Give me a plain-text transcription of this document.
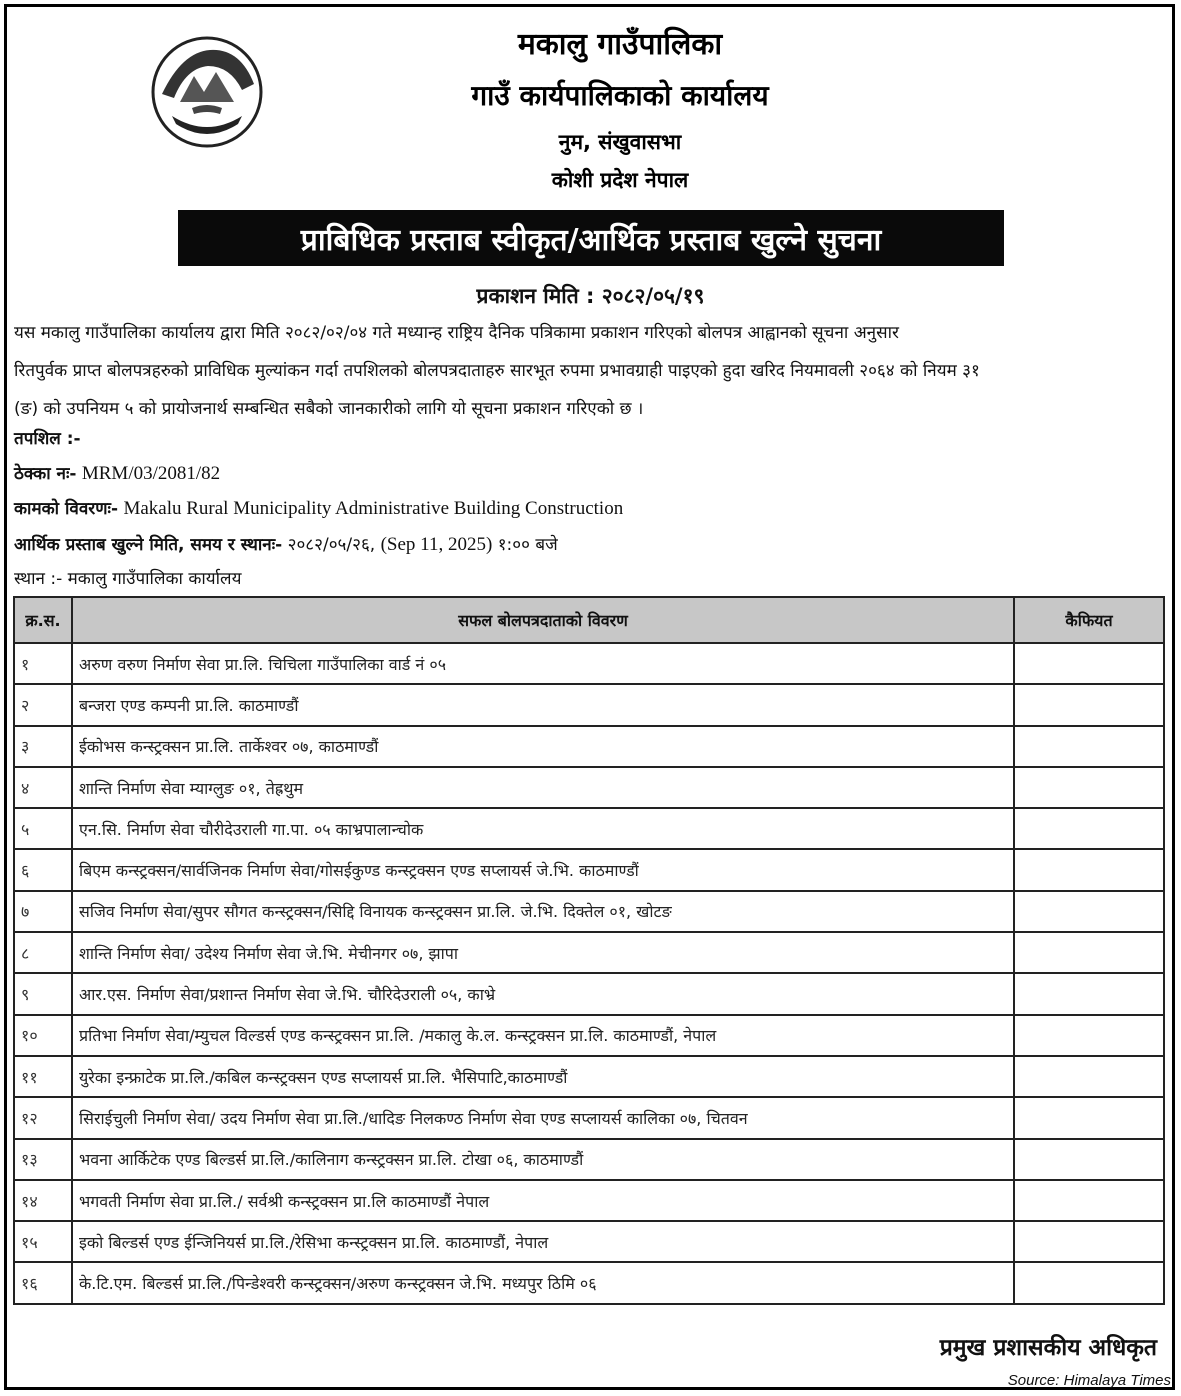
मकालु गाउँपालिका
गाउँ कार्यपालिकाको कार्यालय
नुम, संखुवासभा
कोशी प्रदेश नेपाल
प्राबिधिक प्रस्ताब स्वीकृत/आर्थिक प्रस्ताब खुल्ने सुचना
प्रकाशन मिति : २०८२/०५/१९
यस मकालु गाउँपालिका कार्यालय द्वारा मिति २०८२/०२/०४ गते मध्यान्ह राष्ट्रिय दैनिक पत्रिकामा प्रकाशन गरिएको बोलपत्र आह्वानको सूचना अनुसार
रितपुर्वक प्राप्त बोलपत्रहरुको प्राविधिक मुल्यांकन गर्दा तपशिलको बोलपत्रदाताहरु सारभूत रुपमा प्रभावग्राही पाइएको हुदा खरिद नियमावली २०६४ को नियम ३१
(ङ) को उपनियम ५ को प्रायोजनार्थ सम्बन्धित सबैको जानकारीको लागि यो सूचना प्रकाशन गरिएको छ ।
तपशिल :-
ठेक्का नः- MRM/03/2081/82
कामको विवरणः- Makalu Rural Municipality Administrative Building Construction
आर्थिक प्रस्ताब खुल्ने मिति, समय र स्थानः- २०८२/०५/२६, (Sep 11, 2025) १:०० बजे
स्थान :- मकालु गाउँपालिका कार्यालय
क्र.स.	सफल बोलपत्रदाताको विवरण	कैफियत
१	अरुण वरुण निर्माण सेवा प्रा.लि. चिचिला गाउँपालिका वार्ड नं ०५	
२	बन्जरा एण्ड कम्पनी प्रा.लि. काठमाण्डौं	
३	ईकोभस कन्स्ट्रक्सन प्रा.लि. तार्केश्वर ०७, काठमाण्डौं	
४	शान्ति निर्माण सेवा म्याग्लुङ ०१, तेह्रथुम	
५	एन.सि. निर्माण सेवा चौरीदेउराली गा.पा. ०५ काभ्रपालान्चोक	
६	बिएम कन्स्ट्रक्सन/सार्वजिनक निर्माण सेवा/गोसईकुण्ड कन्स्ट्रक्सन एण्ड सप्लायर्स जे.भि. काठमाण्डौं	
७	सजिव निर्माण सेवा/सुपर सौगत कन्स्ट्रक्सन/सिद्दि विनायक कन्स्ट्रक्सन प्रा.लि. जे.भि. दिक्तेल ०१, खोटङ	
८	शान्ति निर्माण सेवा/ उदेश्य निर्माण सेवा जे.भि. मेचीनगर ०७, झापा	
९	आर.एस. निर्माण सेवा/प्रशान्त निर्माण सेवा जे.भि. चौरिदेउराली ०५, काभ्रे	
१०	प्रतिभा निर्माण सेवा/म्युचल विल्डर्स एण्ड कन्स्ट्रक्सन प्रा.लि. /मकालु के.ल. कन्स्ट्रक्सन प्रा.लि. काठमाण्डौं, नेपाल	
११	युरेका इन्फ्राटेक प्रा.लि./कबिल कन्स्ट्रक्सन एण्ड सप्लायर्स प्रा.लि. भैसिपाटि,काठमाण्डौं	
१२	सिराईचुली निर्माण सेवा/ उदय निर्माण सेवा प्रा.लि./धादिङ निलकण्ठ निर्माण सेवा एण्ड सप्लायर्स कालिका ०७, चितवन	
१३	भवना आर्किटेक एण्ड बिल्डर्स प्रा.लि./कालिनाग कन्स्ट्रक्सन प्रा.लि. टोखा ०६, काठमाण्डौं	
१४	भगवती निर्माण सेवा प्रा.लि./ सर्वश्री कन्स्ट्रक्सन प्रा.लि काठमाण्डौं नेपाल	
१५	इको बिल्डर्स एण्ड ईन्जिनियर्स प्रा.लि./रेसिभा कन्स्ट्रक्सन प्रा.लि. काठमाण्डौं, नेपाल	
१६	के.टि.एम. बिल्डर्स प्रा.लि./पिन्डेश्वरी कन्स्ट्रक्सन/अरुण कन्स्ट्रक्सन जे.भि. मध्यपुर ठिमि ०६	
प्रमुख प्रशासकीय अधिकृत
Source: Himalaya Times
